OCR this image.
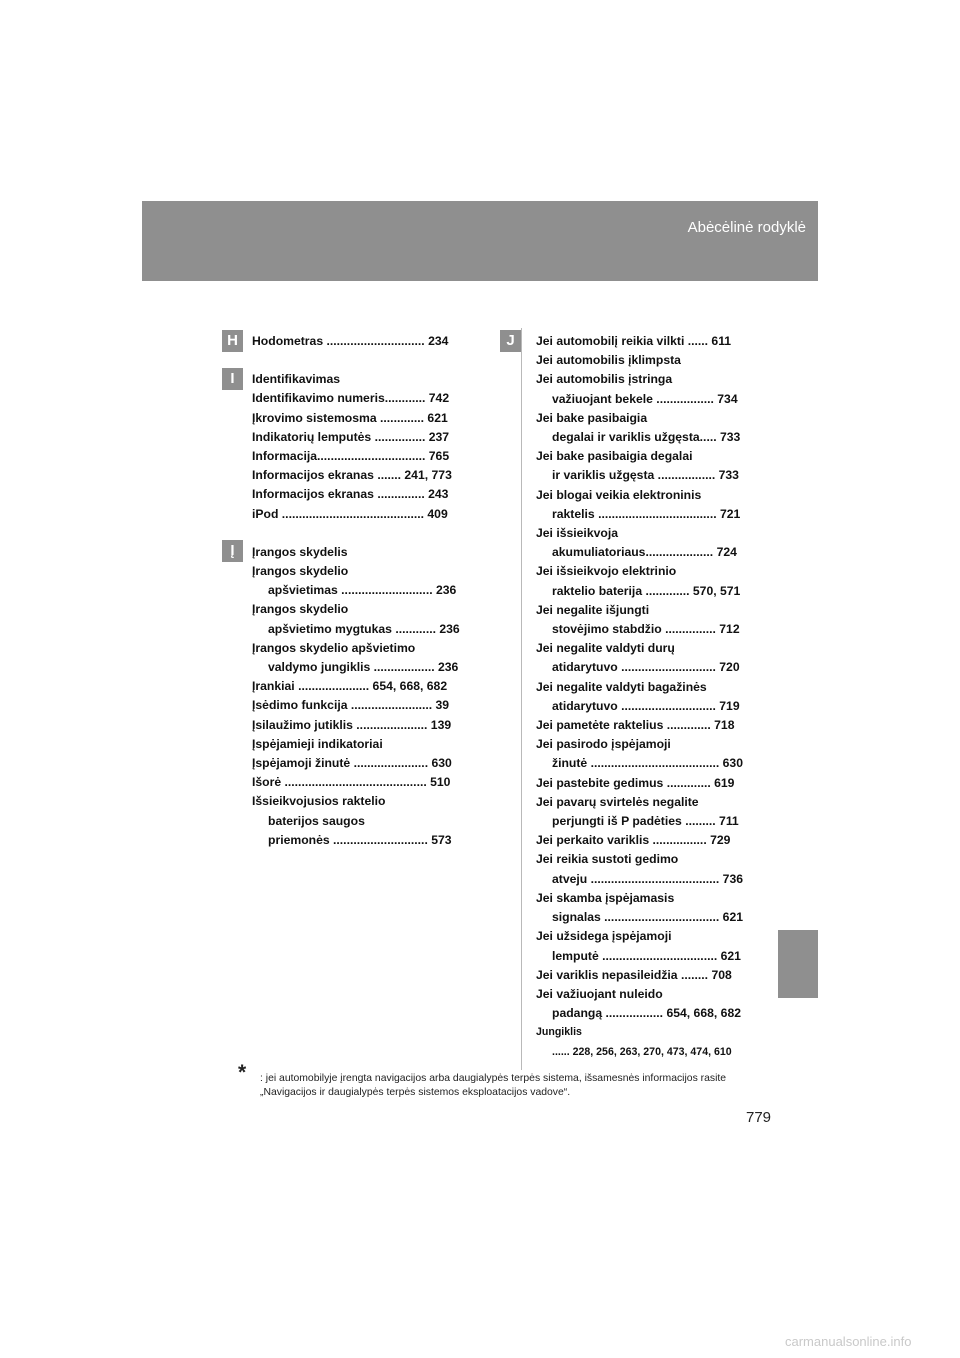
Abėcėlinė rodyklė
H
I
Į
J
Hodometras ............................. 234
Identifikavimas
Identifikavimo numeris............ 742
Įkrovimo sistemosma ............. 621
Indikatorių lemputės ............... 237
Informacija................................ 765
Informacijos ekranas ....... 241, 773
Informacijos ekranas .............. 243
iPod .......................................... 409
Įrangos skydelis
Įrangos skydelio
apšvietimas ........................... 236
Įrangos skydelio
apšvietimo mygtukas ............ 236
Įrangos skydelio apšvietimo
valdymo jungiklis .................. 236
Įrankiai ..................... 654, 668, 682
Įsėdimo funkcija ........................ 39
Įsilaužimo jutiklis ..................... 139
Įspėjamieji indikatoriai
Įspėjamoji žinutė ...................... 630
Išorė .......................................... 510
Išsieikvojusios raktelio
baterijos saugos
priemonės ............................ 573
Jei automobilį reikia vilkti ...... 611
Jei automobilis įklimpsta
Jei automobilis įstringa
važiuojant bekele ................. 734
Jei bake pasibaigia
degalai ir variklis užgęsta..... 733
Jei bake pasibaigia degalai
ir variklis užgęsta ................. 733
Jei blogai veikia elektroninis
raktelis ................................... 721
Jei išsieikvoja
akumuliatoriaus.................... 724
Jei išsieikvojo elektrinio
raktelio baterija ............. 570, 571
Jei negalite išjungti
stovėjimo stabdžio ............... 712
Jei negalite valdyti durų
atidarytuvo ............................ 720
Jei negalite valdyti bagažinės
atidarytuvo ............................ 719
Jei pametėte raktelius ............. 718
Jei pasirodo įspėjamoji
žinutė ...................................... 630
Jei pastebite gedimus ............. 619
Jei pavarų svirtelės negalite
perjungti iš P padėties ......... 711
Jei perkaito variklis ................ 729
Jei reikia sustoti gedimo
atveju ...................................... 736
Jei skamba įspėjamasis
signalas .................................. 621
Jei užsidega įspėjamoji
lemputė .................................. 621
Jei variklis nepasileidžia ........ 708
Jei važiuojant nuleido
padangą ................. 654, 668, 682
Jungiklis
...... 228, 256, 263, 270, 473, 474, 610
*	: jei automobilyje įrengta navigacijos arba daugialypės terpės sistema, išsamesnės informacijos rasite „Navigacijos ir daugialypės terpės sistemos eksploatacijos vadove“.
779
carmanualsonline.info
